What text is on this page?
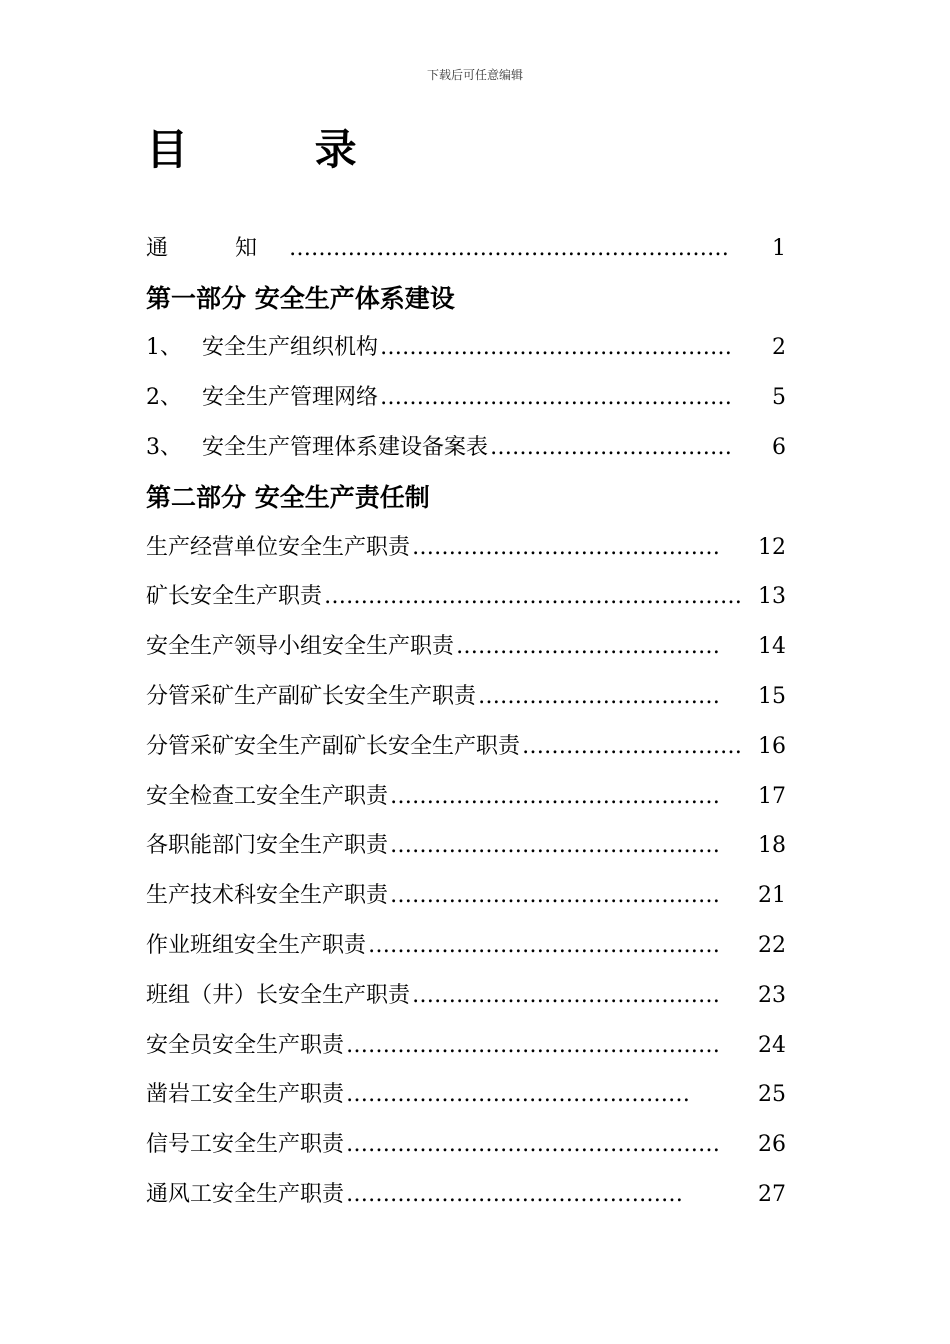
下载后可任意编辑
目 录
通 知 ……………………………………………………	1
第一部分 安全生产体系建设
1、 安全生产组织机构 …………………………………………	2
2、 安全生产管理网络 …………………………………………	5
3、 安全生产管理体系建设备案表 ……………………………	6
第二部分 安全生产责任制
生产经营单位安全生产职责 ……………………………………	12
矿长安全生产职责 ………………………………………………… 13
安全生产领导小组安全生产职责 ………………………………	14
分管采矿生产副矿长安全生产职责 ……………………………	15
分管采矿安全生产副矿长安全生产职责 ………………………… 16
安全检查工安全生产职责 ………………………………………	17
各职能部门安全生产职责 ………………………………………	18
生产技术科安全生产职责 ………………………………………	21
作业班组安全生产职责 …………………………………………	22
班组（井）长安全生产职责 ……………………………………	23
安全员安全生产职责 ……………………………………………	24
凿岩工安全生产职责 ………………….…………….………	25
信号工安全生产职责 ……………………………………………	26
通风工安全生产职责 ………………….……………………	27
